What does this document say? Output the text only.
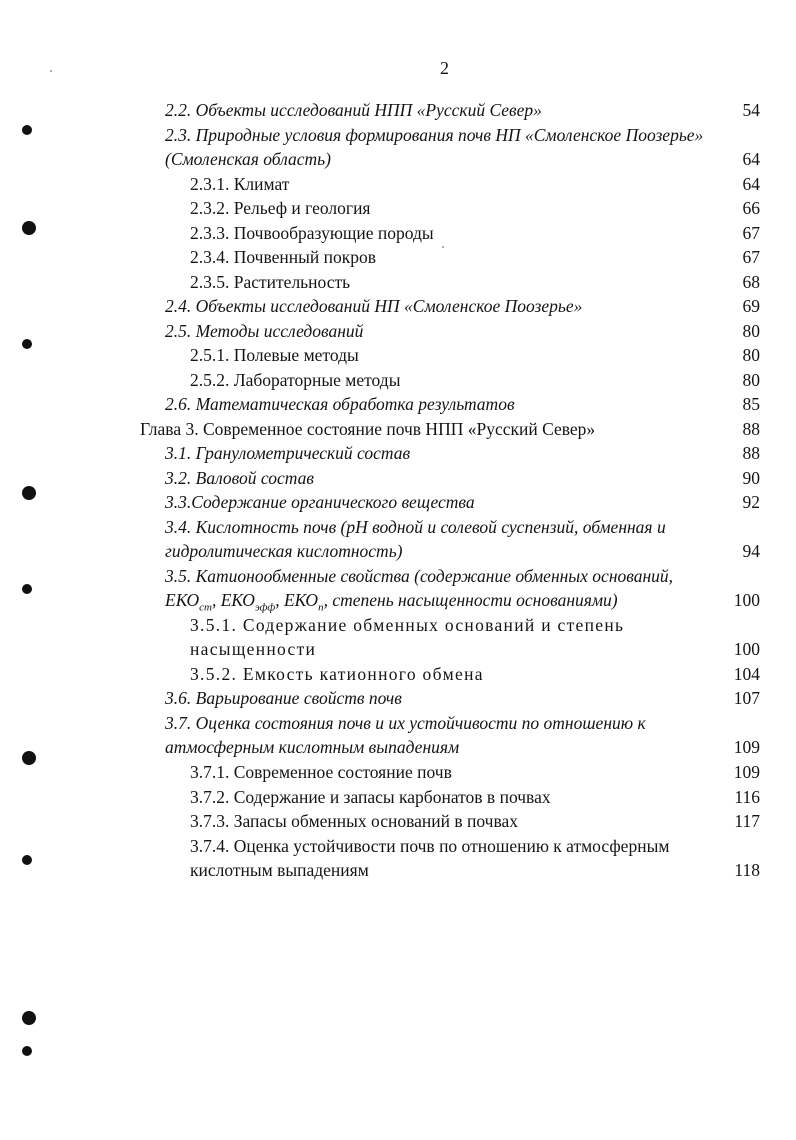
2
2.2. Объекты исследований НПП «Русский Север»	54
2.3. Природные условия формирования почв НП «Смоленское Поозерье»
(Смоленская область)	64
2.3.1. Климат	64
2.3.2. Рельеф и геология	66
2.3.3. Почвообразующие породы	67
2.3.4. Почвенный покров	67
2.3.5. Растительность	68
2.4. Объекты исследований НП «Смоленское Поозерье»	69
2.5. Методы исследований	80
2.5.1. Полевые методы	80
2.5.2. Лабораторные методы	80
2.6. Математическая обработка результатов	85
Глава 3. Современное состояние почв НПП «Русский Север»	88
3.1. Гранулометрический состав	88
3.2. Валовой состав	90
3.3.Содержание органического вещества	92
3.4. Кислотность почв (рН водной и солевой суспензий, обменная и
гидролитическая кислотность)	94
3.5. Катионообменные свойства (содержание обменных оснований,
$ЕКО_{ст}$, $ЕКО_{эфф}$, $ЕКО_п$, степень насыщенности основаниями)	100
3.5.1. Содержание обменных оснований и степень
насыщенности	100
3.5.2. Емкость катионного обмена	104
3.6. Варьирование свойств почв	107
3.7. Оценка состояния почв и их устойчивости по отношению к
атмосферным кислотным выпадениям	109
3.7.1. Современное состояние почв	109
3.7.2. Содержание и запасы карбонатов в почвах	116
3.7.3. Запасы обменных оснований в почвах	117
3.7.4. Оценка устойчивости почв по отношению к атмосферным
кислотным выпадениям	118
